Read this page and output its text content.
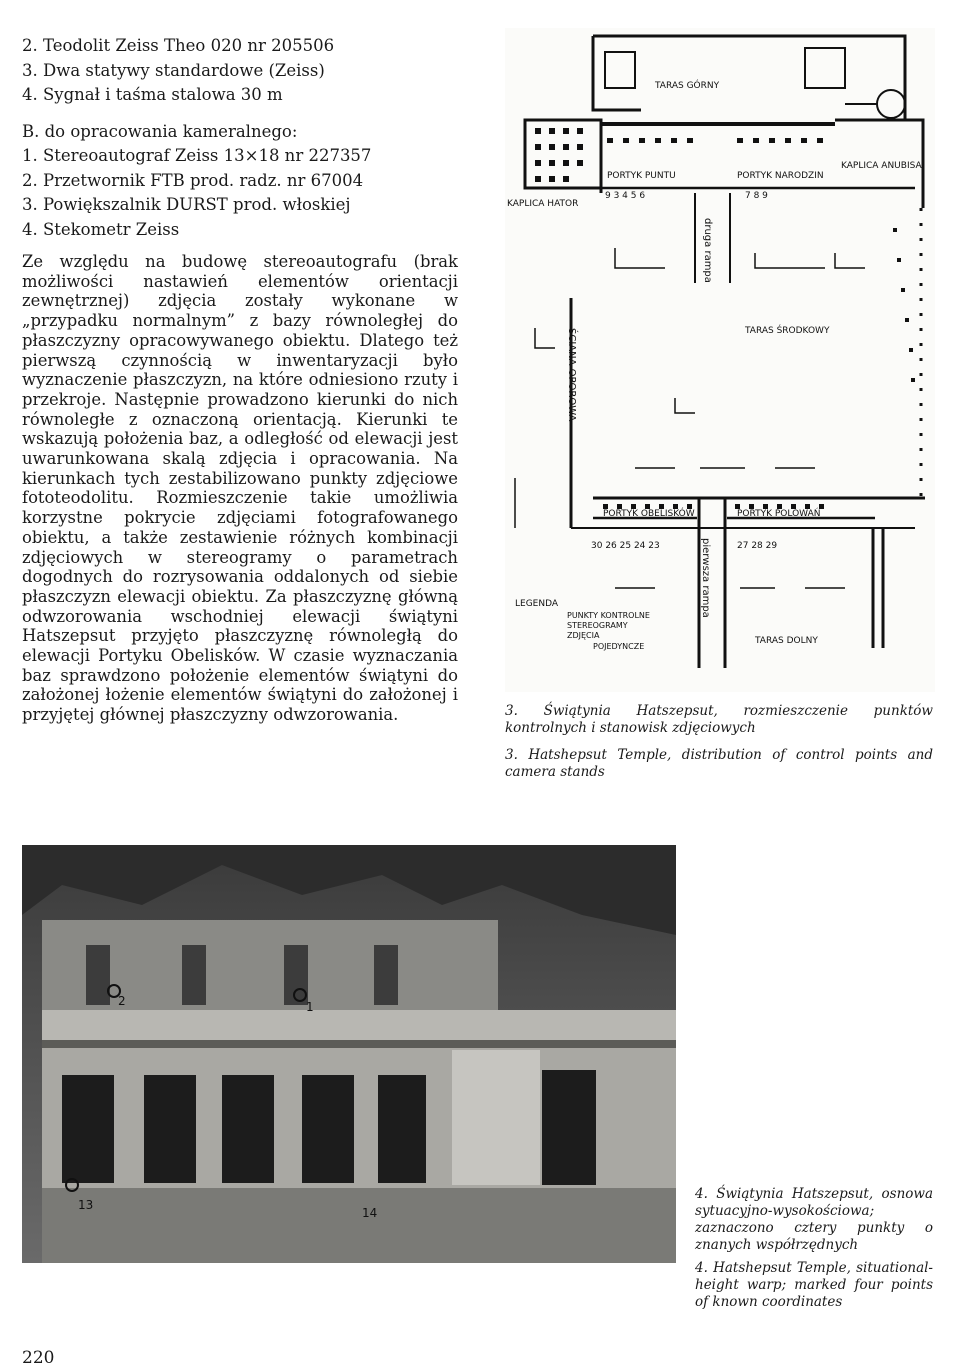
2. Teodolit Zeiss Theo 020 nr 205506
3. Dwa statywy standardowe (Zeiss)
4. Sygnał i taśma stalowa 30 m
B. do opracowania kameralnego:
1. Stereoautograf Zeiss 13×18 nr 227357
2. Przetwornik FTB prod. radz. nr 67004
3. Powiększalnik DURST prod. włoskiej
4. Stekometr Zeiss

Ze względu na budowę stereoautografu (brak możliwości nastawień elementów orientacji zewnętrznej) zdjęcia zostały wykonane w „przypadku normalnym” z bazy równoległej do płaszczyzny opracowywanego obiektu. Dlatego też pierwszą czynnością w inwentaryzacji było wyznaczenie płaszczyzn, na które odniesiono rzuty i przekroje. Następnie prowadzono kierunki do nich równoległe z oznaczoną orientacją. Kierunki te wskazują położenia baz, a odległość od elewacji jest uwarunkowana skalą zdjęcia i opracowania. Na kierunkach tych zestabilizowano punkty zdjęciowe fototeodolitu. Rozmieszczenie takie umożliwia korzystne pokrycie zdjęciami fotografowanego obiektu, a także zestawienie różnych kombinacji zdjęciowych w stereogramy o parametrach dogodnych do rozrysowania oddalonych od siebie płaszczyzn elewacji obiektu. Za płaszczyznę główną odwzorowania wschodniej elewacji świątyni Hatszepsut przyjęto płaszczyznę równoległą do elewacji Portyku Obelisków. W czasie wyznaczania baz sprawdzono położenie elementów świątyni do założonej łożenie elementów świątyni do założonej i przyjętej głównej płaszczyzny odwzorowania.

TARAS GÓRNY
KAPLICA HATOR
PORTYK PUNTU	PORTYK NARODZIN
KAPLICA ANUBISA
druga rampa
ŚCIANA OPOROWA	TARAS ŚRODKOWY
PORTYK OBELISKÓW	PORTYK POLOWAŃ
pierwsza rampa
TARAS DOLNY
9 3 4 5 6	7 8 9
30 26 25 24 23	27 28 29
LEGENDA
PUNKTY KONTROLNE
STEREOGRAMY
ZDJĘCIA
POJEDYNCZE
3. Świątynia Hatszepsut, rozmieszczenie punktów kontrolnych i stanowisk zdjęciowych
3. Hatshepsut Temple, distribution of control points and camera stands
2	1
13
14
4. Świątynia Hatszepsut, osnowa sytuacyjno-wysokościowa; zaznaczono cztery punkty o znanych współrzędnych
4. Hatshepsut Temple, situational-height warp; marked four points of known coordinates
220
